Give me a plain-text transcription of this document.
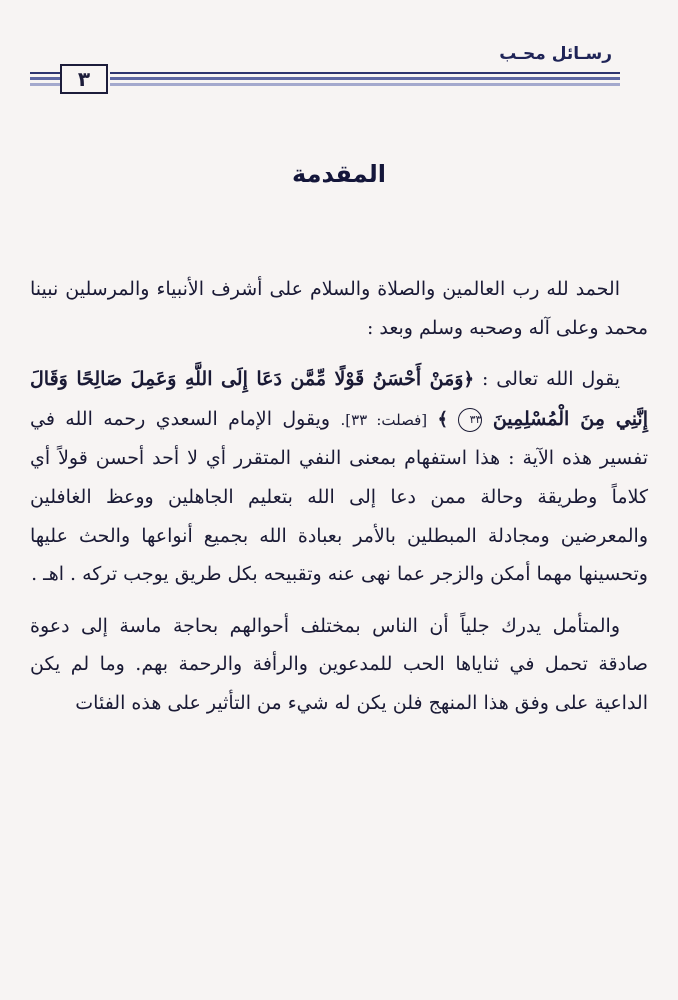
رسـائل محـب
٣
المقدمة

الحمد لله رب العالمين والصلاة والسلام على أشرف الأنبياء والمرسلين نبينا محمد وعلى آله وصحبه وسلم وبعد :

يقول الله تعالى : ﴿وَمَنْ أَحْسَنُ قَوْلًا مِّمَّن دَعَا إِلَى اللَّهِ وَعَمِلَ صَالِحًا وَقَالَ إِنَّنِي مِنَ الْمُسْلِمِينَ ٣٣ ﴾ [فصلت: ٣٣]. ويقول الإمام السعدي رحمه الله في تفسير هذه الآية : هذا استفهام بمعنى النفي المتقرر أي لا أحد أحسن قولاً أي كلاماً وطريقة وحالة ممن دعا إلى الله بتعليم الجاهلين ووعظ الغافلين والمعرضين ومجادلة المبطلين بالأمر بعبادة الله بجميع أنواعها والحث عليها وتحسينها مهما أمكن والزجر عما نهى عنه وتقبيحه بكل طريق يوجب تركه . اهـ .

والمتأمل يدرك جلياً أن الناس بمختلف أحوالهم بحاجة ماسة إلى دعوة صادقة تحمل في ثناياها الحب للمدعوين والرأفة والرحمة بهم. وما لم يكن الداعية على وفق هذا المنهج فلن يكن له شيء من التأثير على هذه الفئات
